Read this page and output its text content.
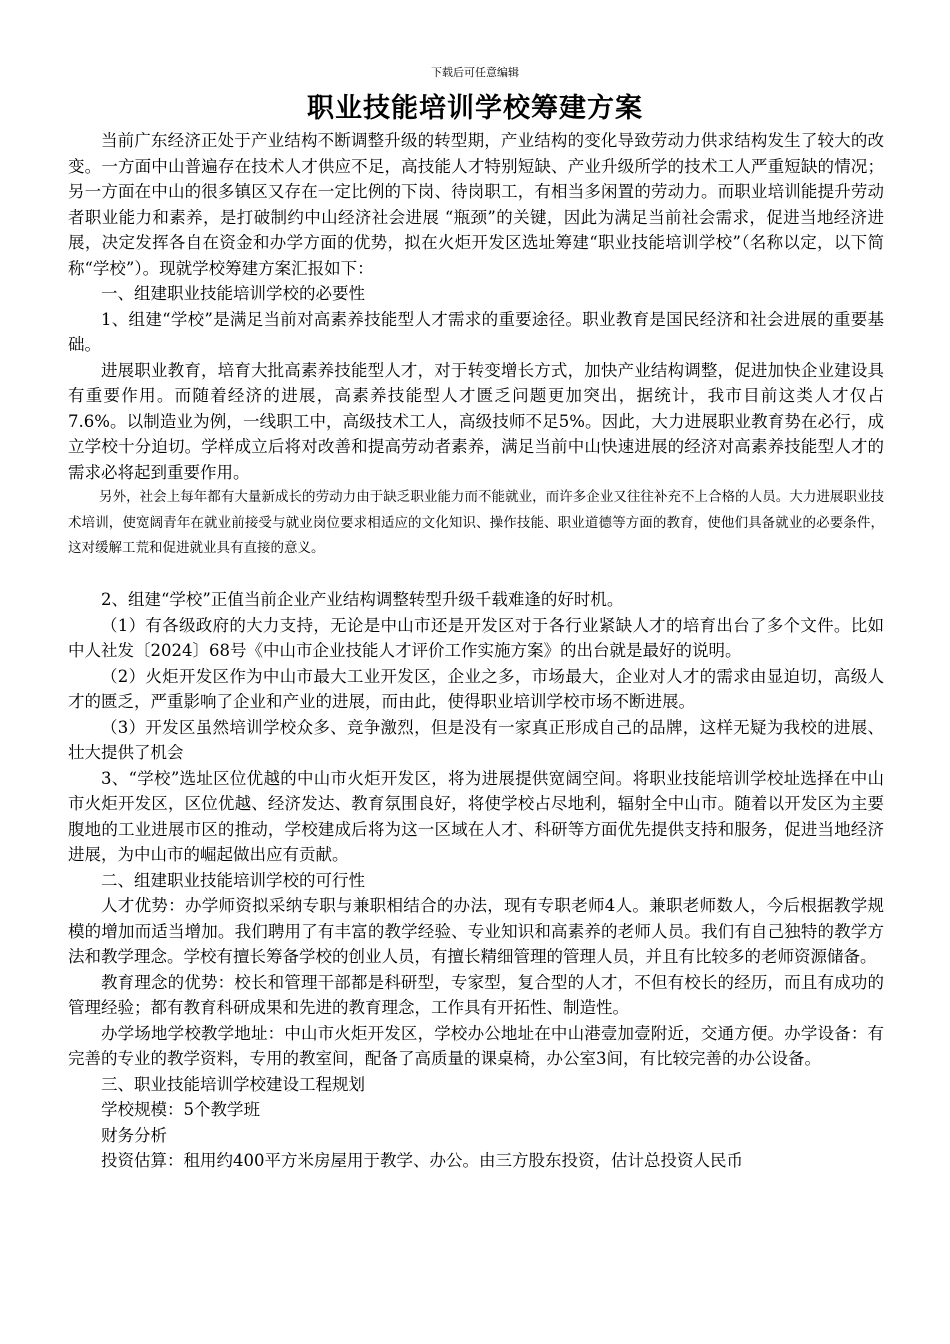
下载后可任意编辑
职业技能培训学校筹建方案

当前广东经济正处于产业结构不断调整升级的转型期，产业结构的变化导致劳动力供求结构发生了较大的改变。一方面中山普遍存在技术人才供应不足，高技能人才特别短缺、产业升级所学的技术工人严重短缺的情况；另一方面在中山的很多镇区又存在一定比例的下岗、待岗职工，有相当多闲置的劳动力。而职业培训能提升劳动者职业能力和素养，是打破制约中山经济社会进展 “瓶颈”的关键，因此为满足当前社会需求，促进当地经济进展，决定发挥各自在资金和办学方面的优势，拟在火炬开发区选址筹建“职业技能培训学校”（名称以定，以下简称“学校”）。现就学校筹建方案汇报如下：

一、组建职业技能培训学校的必要性

1、组建“学校”是满足当前对高素养技能型人才需求的重要途径。职业教育是国民经济和社会进展的重要基础。

进展职业教育，培育大批高素养技能型人才，对于转变增长方式，加快产业结构调整，促进加快企业建设具有重要作用。而随着经济的进展，高素养技能型人才匮乏问题更加突出，据统计，我市目前这类人才仅占7.6%。以制造业为例，一线职工中，高级技术工人，高级技师不足5%。因此，大力进展职业教育势在必行，成立学校十分迫切。学样成立后将对改善和提高劳动者素养，满足当前中山快速进展的经济对高素养技能型人才的需求必将起到重要作用。

另外，社会上每年都有大量新成长的劳动力由于缺乏职业能力而不能就业，而许多企业又往往补充不上合格的人员。大力进展职业技术培训，使宽阔青年在就业前接受与就业岗位要求相适应的文化知识、操作技能、职业道德等方面的教育，使他们具备就业的必要条件，这对缓解工荒和促进就业具有直接的意义。

2、组建“学校”正值当前企业产业结构调整转型升级千载难逢的好时机。

（1）有各级政府的大力支持，无论是中山市还是开发区对于各行业紧缺人才的培育出台了多个文件。比如中人社发〔2024〕68号《中山市企业技能人才评价工作实施方案》的出台就是最好的说明。

（2）火炬开发区作为中山市最大工业开发区，企业之多，市场最大，企业对人才的需求由显迫切，高级人才的匮乏，严重影响了企业和产业的进展，而由此，使得职业培训学校市场不断进展。

（3）开发区虽然培训学校众多、竞争激烈，但是没有一家真正形成自己的品牌，这样无疑为我校的进展、壮大提供了机会

3、“学校”选址区位优越的中山市火炬开发区，将为进展提供宽阔空间。将职业技能培训学校址选择在中山市火炬开发区，区位优越、经济发达、教育氛围良好，将使学校占尽地利，辐射全中山市。随着以开发区为主要腹地的工业进展市区的推动，学校建成后将为这一区域在人才、科研等方面优先提供支持和服务，促进当地经济进展，为中山市的崛起做出应有贡献。

二、组建职业技能培训学校的可行性

人才优势：办学师资拟采纳专职与兼职相结合的办法，现有专职老师4人。兼职老师数人，今后根据教学规模的增加而适当增加。我们聘用了有丰富的教学经验、专业知识和高素养的老师人员。我们有自己独特的教学方法和教学理念。学校有擅长筹备学校的创业人员，有擅长精细管理的管理人员，并且有比较多的老师资源储备。

教育理念的优势：校长和管理干部都是科研型，专家型，复合型的人才，不但有校长的经历，而且有成功的管理经验；都有教育科研成果和先进的教育理念，工作具有开拓性、制造性。

办学场地学校教学地址：中山市火炬开发区，学校办公地址在中山港壹加壹附近，交通方便。办学设备：有完善的专业的教学资料，专用的教室间，配备了高质量的课桌椅，办公室3间，有比较完善的办公设备。

三、职业技能培训学校建设工程规划

学校规模：5个教学班

财务分析

投资估算：租用约400平方米房屋用于教学、办公。由三方股东投资，估计总投资人民币
